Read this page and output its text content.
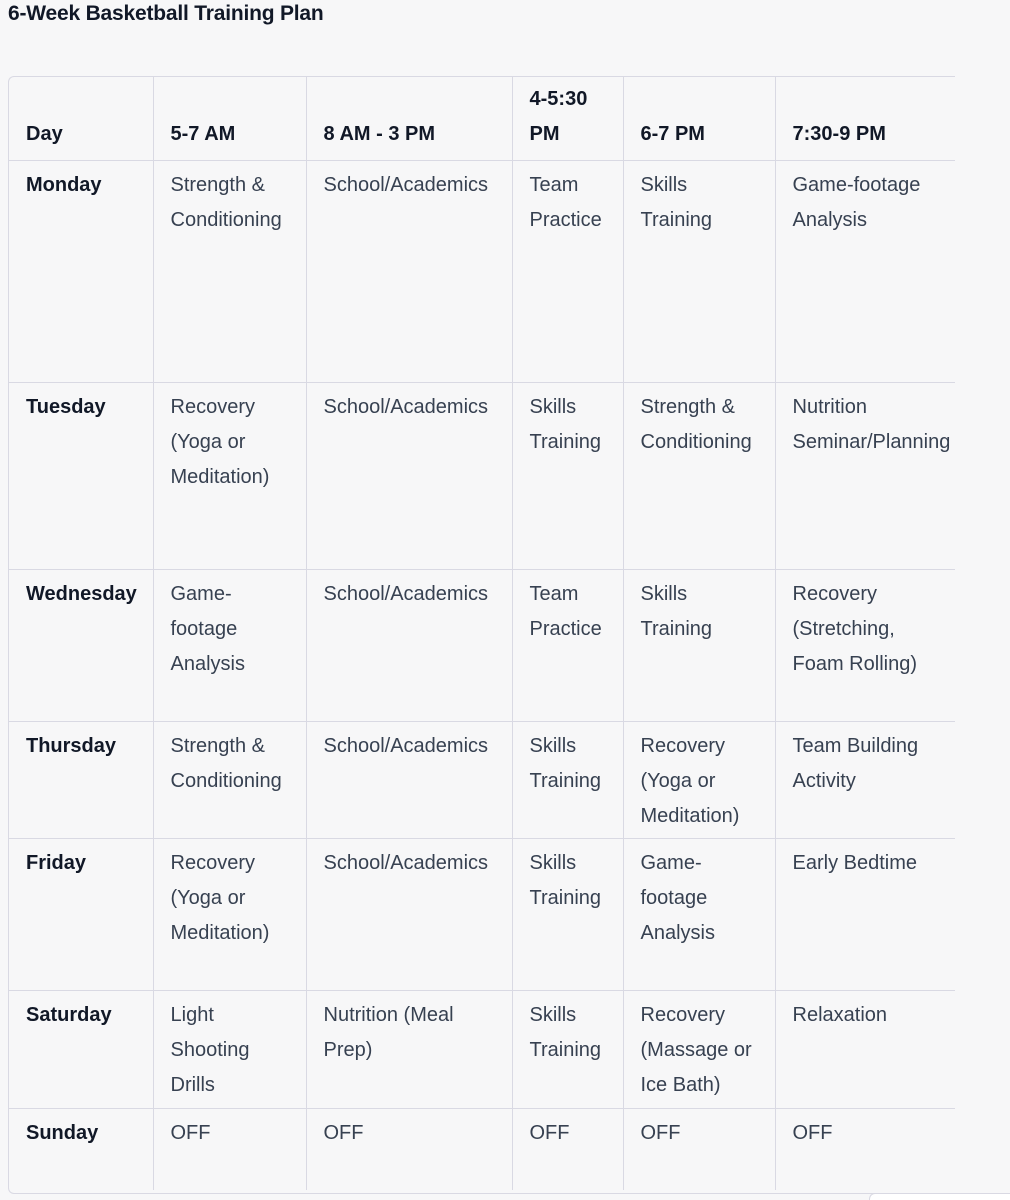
6-Week Basketball Training Plan
Day	5-7 AM	8 AM - 3 PM	4-5:30 PM	6-7 PM	7:30-9 PM
Monday	Strength & Conditioning	School/Academics	Team Practice	Skills Training	Game-footage Analysis
Tuesday	Recovery (Yoga or Meditation)	School/Academics	Skills Training	Strength & Conditioning	Nutrition Seminar/Planning
Wednesday	Game-footage Analysis	School/Academics	Team Practice	Skills Training	Recovery (Stretching, Foam Rolling)
Thursday	Strength & Conditioning	School/Academics	Skills Training	Recovery (Yoga or Meditation)	Team Building Activity
Friday	Recovery (Yoga or Meditation)	School/Academics	Skills Training	Game-footage Analysis	Early Bedtime
Saturday	Light Shooting Drills	Nutrition (Meal Prep)	Skills Training	Recovery (Massage or Ice Bath)	Relaxation
Sunday	OFF	OFF	OFF	OFF	OFF
